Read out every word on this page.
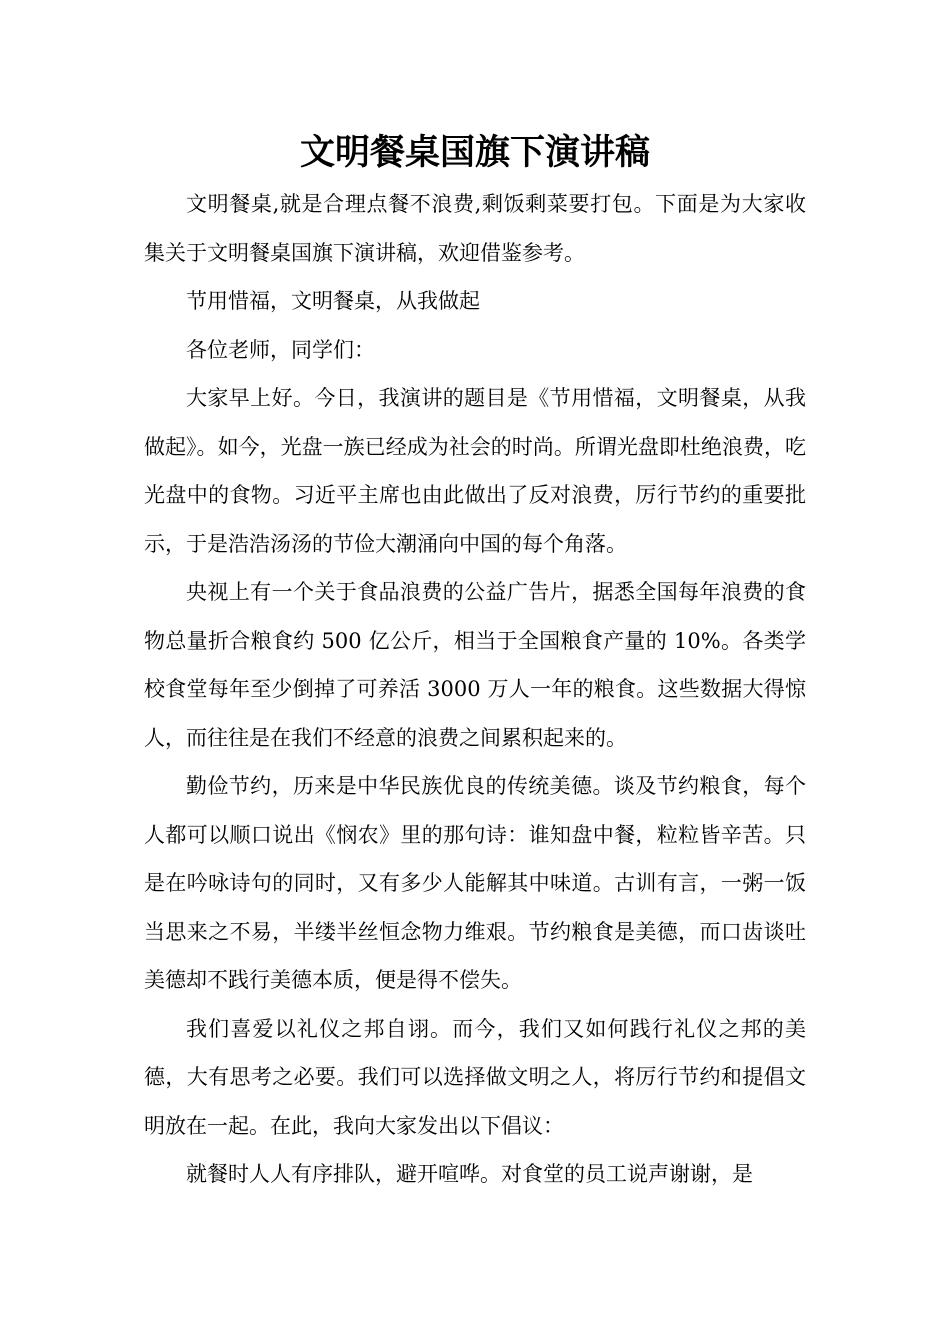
文明餐桌国旗下演讲稿

文明餐桌,就是合理点餐不浪费,剩饭剩菜要打包。下面是为大家收集关于文明餐桌国旗下演讲稿，欢迎借鉴参考。

节用惜福，文明餐桌，从我做起

各位老师，同学们：

大家早上好。今日，我演讲的题目是《节用惜福，文明餐桌，从我做起》。如今，光盘一族已经成为社会的时尚。所谓光盘即杜绝浪费，吃光盘中的食物。习近平主席也由此做出了反对浪费，厉行节约的重要批示，于是浩浩汤汤的节俭大潮涌向中国的每个角落。

央视上有一个关于食品浪费的公益广告片，据悉全国每年浪费的食物总量折合粮食约 500 亿公斤，相当于全国粮食产量的 10%。各类学校食堂每年至少倒掉了可养活 3000 万人一年的粮食。这些数据大得惊人，而往往是在我们不经意的浪费之间累积起来的。

勤俭节约，历来是中华民族优良的传统美德。谈及节约粮食，每个人都可以顺口说出《悯农》里的那句诗：谁知盘中餐，粒粒皆辛苦。只是在吟咏诗句的同时，又有多少人能解其中味道。古训有言，一粥一饭当思来之不易，半缕半丝恒念物力维艰。节约粮食是美德，而口齿谈吐美德却不践行美德本质，便是得不偿失。

我们喜爱以礼仪之邦自诩。而今，我们又如何践行礼仪之邦的美德，大有思考之必要。我们可以选择做文明之人，将厉行节约和提倡文明放在一起。在此，我向大家发出以下倡议：

就餐时人人有序排队，避开喧哗。对食堂的员工说声谢谢，是
